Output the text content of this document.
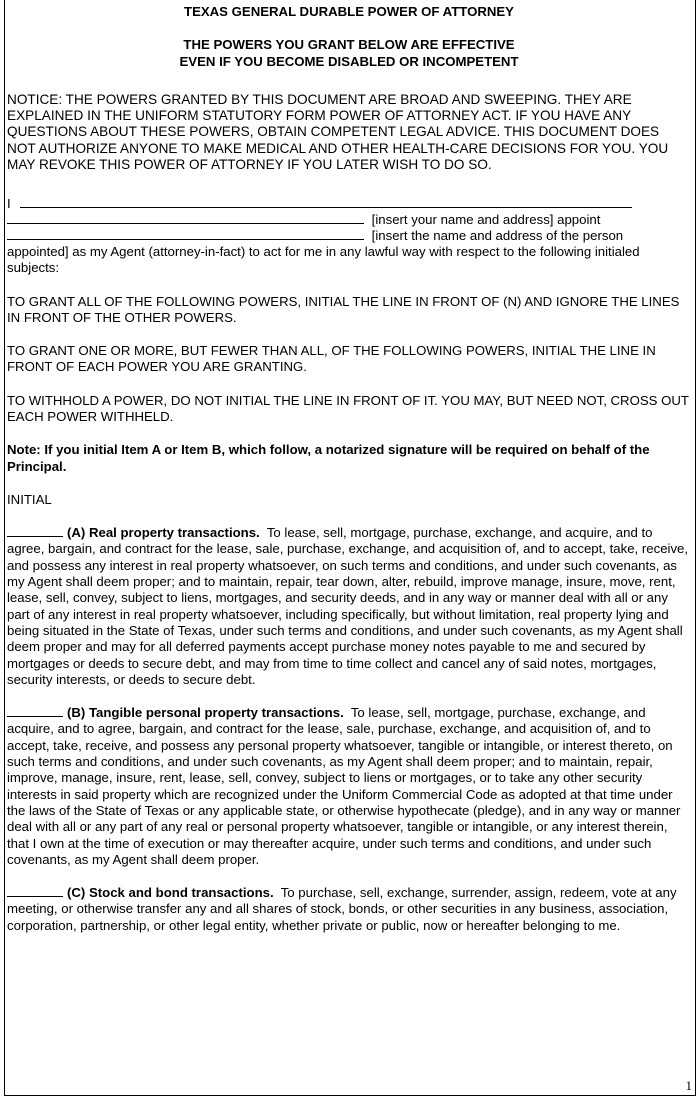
TEXAS GENERAL DURABLE POWER OF ATTORNEY

THE POWERS YOU GRANT BELOW ARE EFFECTIVE
EVEN IF YOU BECOME DISABLED OR INCOMPETENT

NOTICE: THE POWERS GRANTED BY THIS DOCUMENT ARE BROAD AND SWEEPING. THEY ARE EXPLAINED IN THE UNIFORM STATUTORY FORM POWER OF ATTORNEY ACT. IF YOU HAVE ANY QUESTIONS ABOUT THESE POWERS, OBTAIN COMPETENT LEGAL ADVICE. THIS DOCUMENT DOES NOT AUTHORIZE ANYONE TO MAKE MEDICAL AND OTHER HEALTH-CARE DECISIONS FOR YOU. YOU MAY REVOKE THIS POWER OF ATTORNEY IF YOU LATER WISH TO DO SO.

I
[insert your name and address] appoint
[insert the name and address of the person

appointed] as my Agent (attorney-in-fact) to act for me in any lawful way with respect to the following initialed subjects:

TO GRANT ALL OF THE FOLLOWING POWERS, INITIAL THE LINE IN FRONT OF (N) AND IGNORE THE LINES IN FRONT OF THE OTHER POWERS.

TO GRANT ONE OR MORE, BUT FEWER THAN ALL, OF THE FOLLOWING POWERS, INITIAL THE LINE IN FRONT OF EACH POWER YOU ARE GRANTING.

TO WITHHOLD A POWER, DO NOT INITIAL THE LINE IN FRONT OF IT. YOU MAY, BUT NEED NOT, CROSS OUT EACH POWER WITHHELD.

Note: If you initial Item A or Item B, which follow, a notarized signature will be required on behalf of the Principal.

INITIAL

(A) Real property transactions. To lease, sell, mortgage, purchase, exchange, and acquire, and to agree, bargain, and contract for the lease, sale, purchase, exchange, and acquisition of, and to accept, take, receive, and possess any interest in real property whatsoever, on such terms and conditions, and under such covenants, as my Agent shall deem proper; and to maintain, repair, tear down, alter, rebuild, improve manage, insure, move, rent, lease, sell, convey, subject to liens, mortgages, and security deeds, and in any way or manner deal with all or any part of any interest in real property whatsoever, including specifically, but without limitation, real property lying and being situated in the State of Texas, under such terms and conditions, and under such covenants, as my Agent shall deem proper and may for all deferred payments accept purchase money notes payable to me and secured by mortgages or deeds to secure debt, and may from time to time collect and cancel any of said notes, mortgages, security interests, or deeds to secure debt.

(B) Tangible personal property transactions. To lease, sell, mortgage, purchase, exchange, and acquire, and to agree, bargain, and contract for the lease, sale, purchase, exchange, and acquisition of, and to accept, take, receive, and possess any personal property whatsoever, tangible or intangible, or interest thereto, on such terms and conditions, and under such covenants, as my Agent shall deem proper; and to maintain, repair, improve, manage, insure, rent, lease, sell, convey, subject to liens or mortgages, or to take any other security interests in said property which are recognized under the Uniform Commercial Code as adopted at that time under the laws of the State of Texas or any applicable state, or otherwise hypothecate (pledge), and in any way or manner deal with all or any part of any real or personal property whatsoever, tangible or intangible, or any interest therein, that I own at the time of execution or may thereafter acquire, under such terms and conditions, and under such covenants, as my Agent shall deem proper.

(C) Stock and bond transactions. To purchase, sell, exchange, surrender, assign, redeem, vote at any meeting, or otherwise transfer any and all shares of stock, bonds, or other securities in any business, association, corporation, partnership, or other legal entity, whether private or public, now or hereafter belonging to me.

1
